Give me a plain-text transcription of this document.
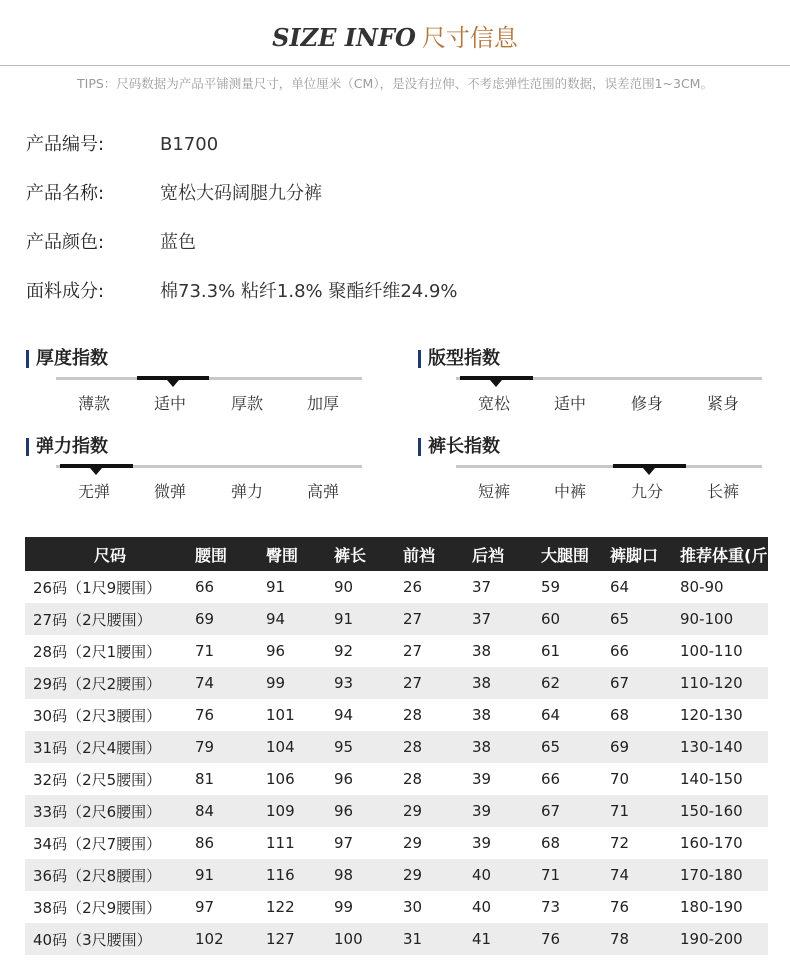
SIZE INFO 尺寸信息
TIPS：尺码数据为产品平铺测量尺寸，单位厘米（CM），是没有拉伸、不考虑弹性范围的数据，误差范围1~3CM。
产品编号:	B1700
产品名称:	宽松大码阔腿九分裤
产品颜色:	蓝色
面料成分:	棉73.3% 粘纤1.8% 聚酯纤维24.9%
厚度指数
薄款	适中	厚款	加厚
版型指数
宽松	适中	修身	紧身
弹力指数
无弹	微弹	弹力	高弹
裤长指数
短裤	中裤	九分	长裤
尺码	腰围	臀围	裤长	前裆	后裆	大腿围	裤脚口	推荐体重(斤)
26码（1尺9腰围）	66	91	90	26	37	59	64	80-90
27码（2尺腰围）	69	94	91	27	37	60	65	90-100
28码（2尺1腰围）	71	96	92	27	38	61	66	100-110
29码（2尺2腰围）	74	99	93	27	38	62	67	110-120
30码（2尺3腰围）	76	101	94	28	38	64	68	120-130
31码（2尺4腰围）	79	104	95	28	38	65	69	130-140
32码（2尺5腰围）	81	106	96	28	39	66	70	140-150
33码（2尺6腰围）	84	109	96	29	39	67	71	150-160
34码（2尺7腰围）	86	111	97	29	39	68	72	160-170
36码（2尺8腰围）	91	116	98	29	40	71	74	170-180
38码（2尺9腰围）	97	122	99	30	40	73	76	180-190
40码（3尺腰围）	102	127	100	31	41	76	78	190-200
